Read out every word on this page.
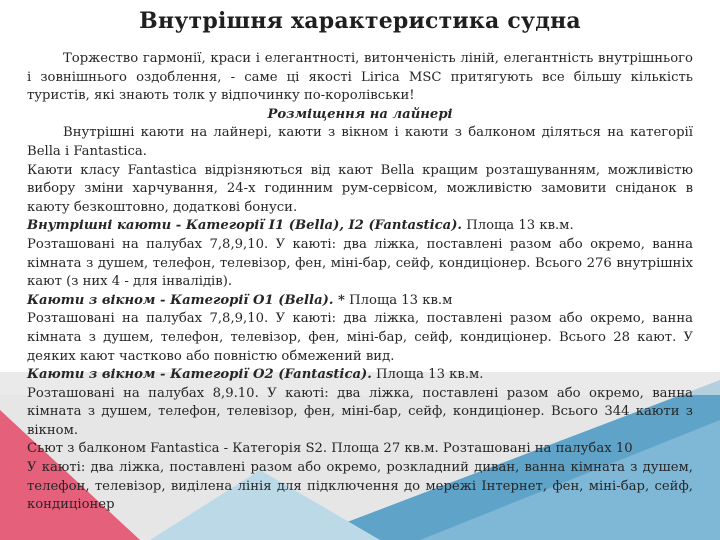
Внутрішня характеристика судна

Торжество гармонії, краси і елегантності, витонченість ліній, елегантність внутрішнього і зовнішнього оздоблення, - саме ці якості Lirica MSC притягують все більшу кількість туристів, які знають толк у відпочинку по-королівськи!

Розміщення на лайнері

Внутрішні каюти на лайнері, каюти з вікном і каюти з балконом діляться на категорії Bella і Fantastica.

Каюти класу Fantastica відрізняються від кают Bella кращим розташуванням, можливістю вибору зміни харчування, 24-х годинним рум-сервісом, можливістю замовити сніданок в каюту безкоштовно, додаткові бонуси.

Внутрішні каюти - Категорії I1 (Bella), I2 (Fantastica). Площа 13 кв.м.

Розташовані на палубах 7,8,9,10. У каюті: два ліжка, поставлені разом або окремо, ванна кімната з душем, телефон, телевізор, фен, міні-бар, сейф, кондиціонер. Всього 276 внутрішніх кают (з них 4 - для інвалідів).

Каюти з вікном - Категорії O1 (Bella). * Площа 13 кв.м

Розташовані на палубах 7,8,9,10. У каюті: два ліжка, поставлені разом або окремо, ванна кімната з душем, телефон, телевізор, фен, міні-бар, сейф, кондиціонер. Всього 28 кают. У деяких кают частково або повністю обмежений вид.

Каюти з вікном - Категорії O2 (Fantastica). Площа 13 кв.м.

Розташовані на палубах 8,9.10. У каюті: два ліжка, поставлені разом або окремо, ванна кімната з душем, телефон, телевізор, фен, міні-бар, сейф, кондиціонер. Всього 344 каюти з вікном.

Сьют з балконом Fantastica - Категорія S2. Площа 27 кв.м. Розташовані на палубах 10

У каюті: два ліжка, поставлені разом або окремо, розкладний диван, ванна кімната з душем, телефон, телевізор, виділена лінія для підключення до мережі Інтернет, фен, міні-бар, сейф, кондиціонер
